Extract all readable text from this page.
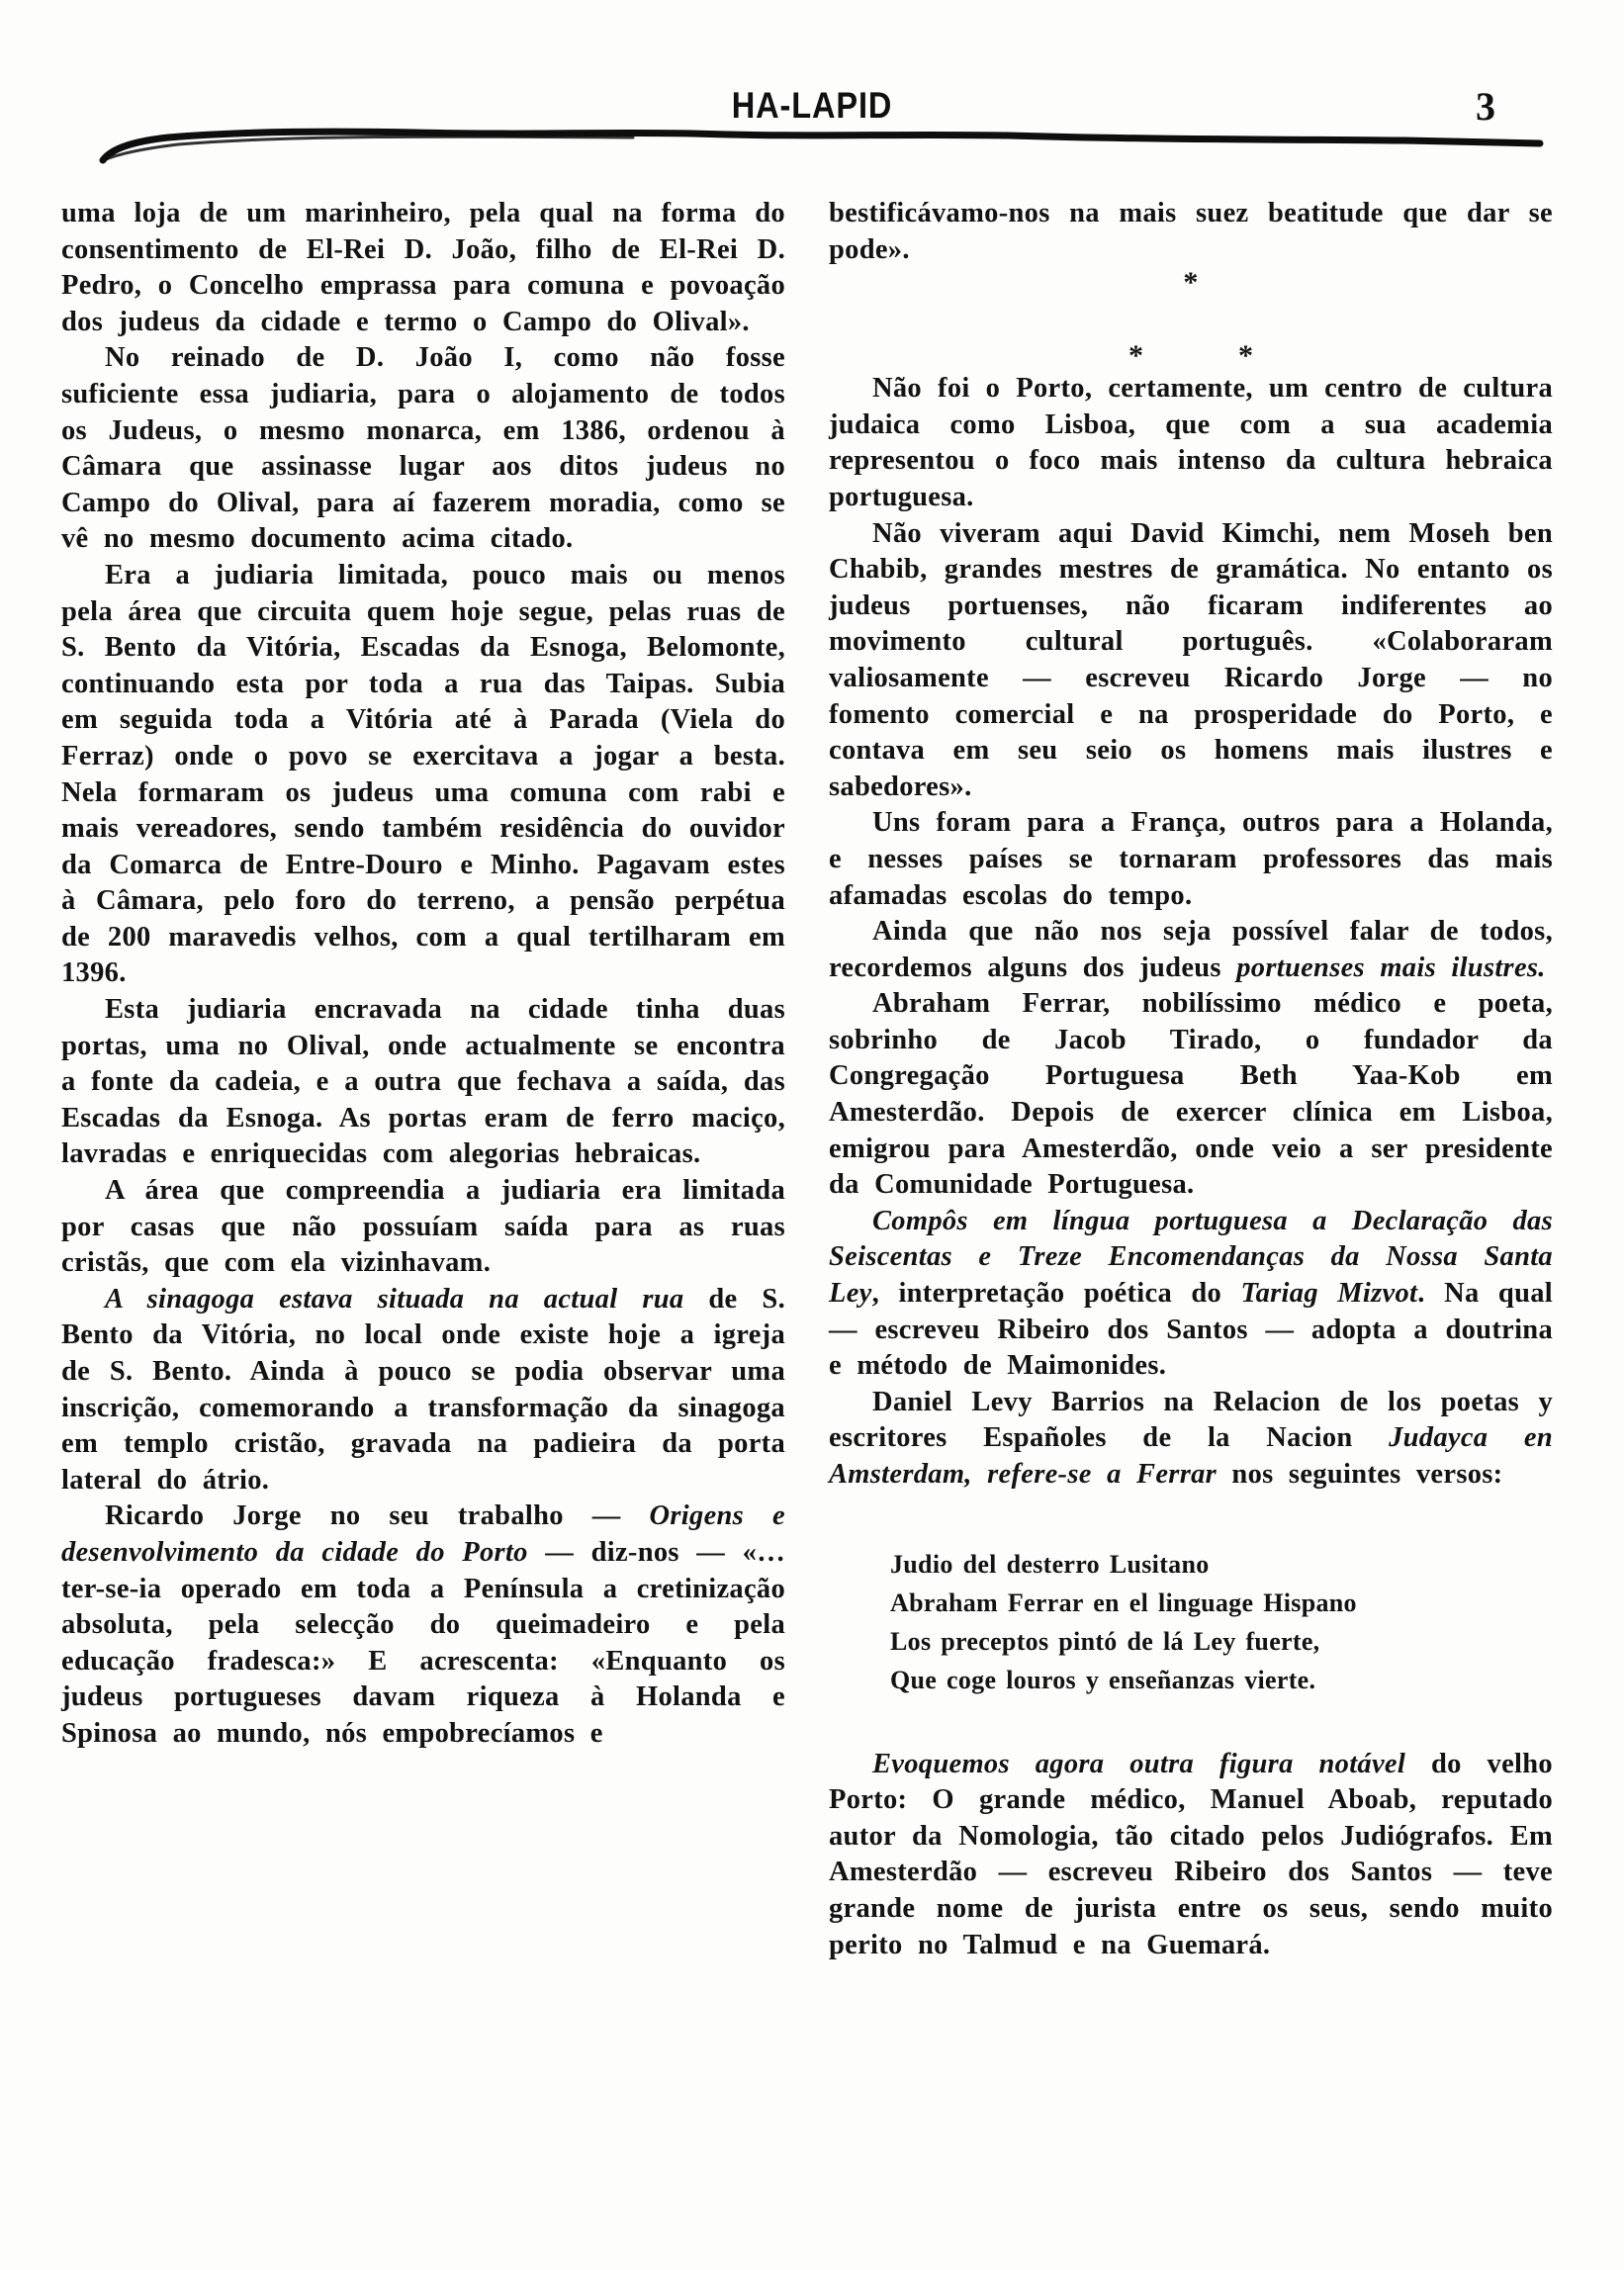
HA-LAPID	3

uma loja de um marinheiro, pela qual na forma do consentimento de El-Rei D. João, filho de El-Rei D. Pedro, o Concelho emprassa para comuna e povoação dos judeus da cidade e termo o Campo do Olival».

No reinado de D. João I, como não fosse suficiente essa judiaria, para o alojamento de todos os Judeus, o mesmo monarca, em 1386, ordenou à Câmara que assinasse lugar aos ditos judeus no Campo do Olival, para aí fazerem moradia, como se vê no mesmo documento acima citado.

Era a judiaria limitada, pouco mais ou menos pela área que circuita quem hoje segue, pelas ruas de S. Bento da Vitória, Escadas da Esnoga, Belomonte, continuando esta por toda a rua das Taipas. Subia em seguida toda a Vitória até à Parada (Viela do Ferraz) onde o povo se exercitava a jogar a besta. Nela formaram os judeus uma comuna com rabi e mais vereadores, sendo também residência do ouvidor da Comarca de Entre-Douro e Minho. Pagavam estes à Câmara, pelo foro do terreno, a pensão perpétua de 200 maravedis velhos, com a qual tertilharam em 1396.

Esta judiaria encravada na cidade tinha duas portas, uma no Olival, onde actualmente se encontra a fonte da cadeia, e a outra que fechava a saída, das Escadas da Esnoga. As portas eram de ferro maciço, lavradas e enriquecidas com alegorias hebraicas.

A área que compreendia a judiaria era limitada por casas que não possuíam saída para as ruas cristãs, que com ela vizinhavam.

A sinagoga estava situada na actual rua de S. Bento da Vitória, no local onde existe hoje a igreja de S. Bento. Ainda à pouco se podia observar uma inscrição, comemorando a transformação da sinagoga em templo cristão, gravada na padieira da porta lateral do átrio.

Ricardo Jorge no seu trabalho — Origens e desenvolvimento da cidade do Porto — diz-nos — «…ter-se-ia operado em toda a Península a cretinização absoluta, pela selecção do queimadeiro e pela educação fradesca:» E acrescenta: «Enquanto os judeus portugueses davam riqueza à Holanda e Spinosa ao mundo, nós empobrecíamos e

bestificávamo-nos na mais suez beatitude que dar se pode».

*
*	*

Não foi o Porto, certamente, um centro de cultura judaica como Lisboa, que com a sua academia representou o foco mais intenso da cultura hebraica portuguesa.

Não viveram aqui David Kimchi, nem Moseh ben Chabib, grandes mestres de gramática. No entanto os judeus portuenses, não ficaram indiferentes ao movimento cultural português. «Colaboraram valiosamente — escreveu Ricardo Jorge — no fomento comercial e na prosperidade do Porto, e contava em seu seio os homens mais ilustres e sabedores».

Uns foram para a França, outros para a Holanda, e nesses países se tornaram professores das mais afamadas escolas do tempo.

Ainda que não nos seja possível falar de todos, recordemos alguns dos judeus portuenses mais ilustres.

Abraham Ferrar, nobilíssimo médico e poeta, sobrinho de Jacob Tirado, o fundador da Congregação Portuguesa Beth Yaa-Kob em Amesterdão. Depois de exercer clínica em Lisboa, emigrou para Amesterdão, onde veio a ser presidente da Comunidade Portuguesa.

Compôs em língua portuguesa a Declaração das Seiscentas e Treze Encomendanças da Nossa Santa Ley, interpretação poética do Tariag Mizvot. Na qual — escreveu Ribeiro dos Santos — adopta a doutrina e método de Maimonides.

Daniel Levy Barrios na Relacion de los poetas y escritores Españoles de la Nacion Judayca en Amsterdam, refere-se a Ferrar nos seguintes versos:

Judio del desterro Lusitano
Abraham Ferrar en el linguage Hispano
Los preceptos pintó de lá Ley fuerte,
Que coge louros y enseñanzas vierte.

Evoquemos agora outra figura notável do velho Porto: O grande médico, Manuel Aboab, reputado autor da Nomologia, tão citado pelos Judiógrafos. Em Amesterdão — escreveu Ribeiro dos Santos — teve grande nome de jurista entre os seus, sendo muito perito no Talmud e na Guemará.
